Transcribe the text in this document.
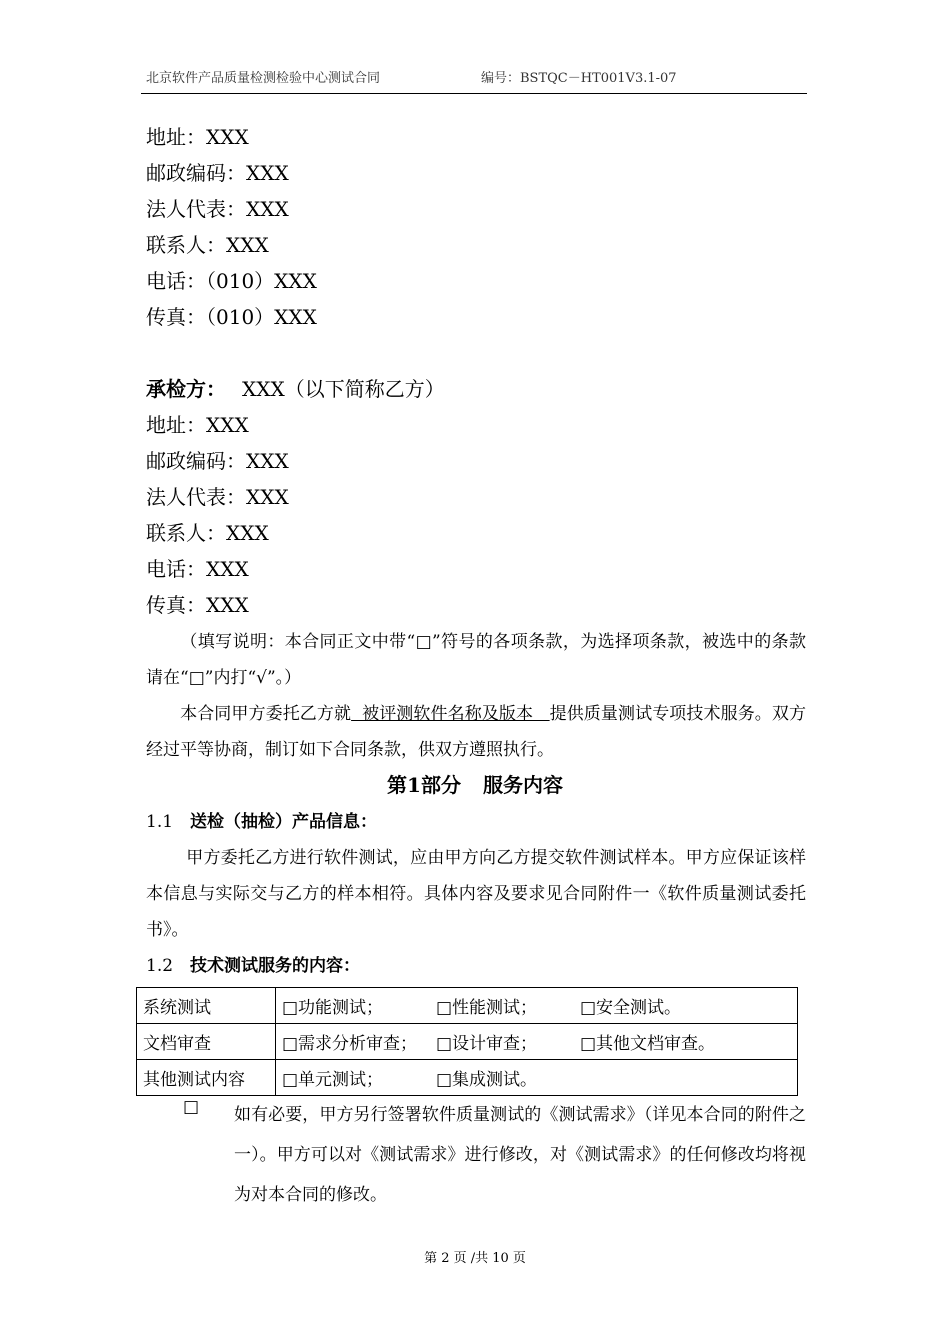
北京软件产品质量检测检验中心测试合同	编号：BSTQC－HT001V3.1-07
地址：XXX
邮政编码：XXX
法人代表：XXX
联系人：XXX
电话：（010）XXX
传真：（010）XXX
承检方： XXX（以下简称乙方）
地址：XXX
邮政编码：XXX
法人代表：XXX
联系人：XXX
电话：XXX
传真：XXX
（填写说明：本合同正文中带“□”符号的各项条款，为选择项条款，被选中的条款请在“□”内打“√”。）
本合同甲方委托乙方就  被评测软件名称及版本   提供质量测试专项技术服务。双方经过平等协商，制订如下合同条款，供双方遵照执行。
第1部分 服务内容
1.1 送检（抽检）产品信息：
甲方委托乙方进行软件测试，应由甲方向乙方提交软件测试样本。甲方应保证该样本信息与实际交与乙方的样本相符。具体内容及要求见合同附件一《软件质量测试委托书》。
1.2 技术测试服务的内容：
系统测试	□功能测试； □性能测试； □安全测试。
文档审查	□需求分析审查； □设计审查； □其他文档审查。
其他测试内容	□单元测试； □集成测试。
□ 如有必要，甲方另行签署软件质量测试的《测试需求》（详见本合同的附件之一）。甲方可以对《测试需求》进行修改，对《测试需求》的任何修改均将视为对本合同的修改。
第 2 页 /共 10 页
